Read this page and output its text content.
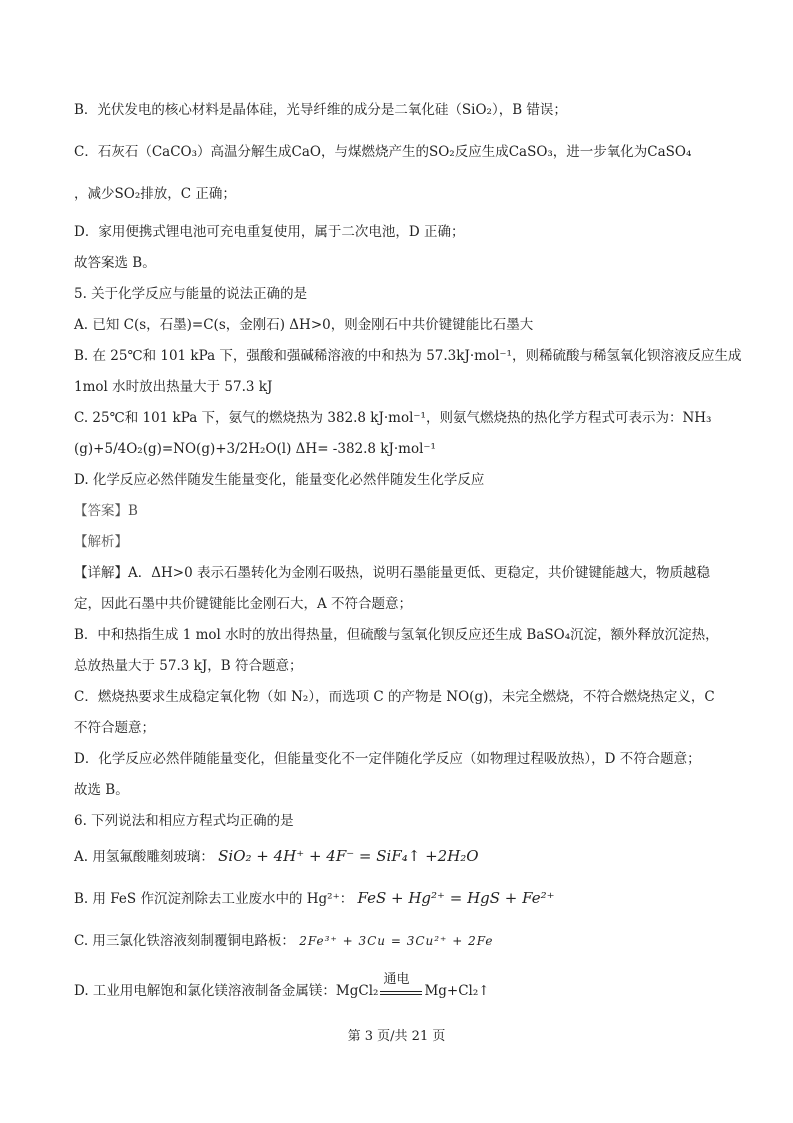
B．光伏发电的核心材料是晶体硅，光导纤维的成分是二氧化硅（SiO₂），B 错误；
C．石灰石（CaCO₃）高温分解生成CaO，与煤燃烧产生的SO₂反应生成CaSO₃，进一步氧化为CaSO₄
，减少SO₂排放，C 正确；
D．家用便携式锂电池可充电重复使用，属于二次电池，D 正确；
故答案选 B。
5. 关于化学反应与能量的说法正确的是
A. 已知 C(s，石墨)=C(s，金刚石) ΔH>0，则金刚石中共价键键能比石墨大
B. 在 25℃和 101 kPa 下，强酸和强碱稀溶液的中和热为 57.3kJ·mol⁻¹，则稀硫酸与稀氢氧化钡溶液反应生成
1mol 水时放出热量大于 57.3 kJ
C. 25℃和 101 kPa 下，氨气的燃烧热为 382.8 kJ·mol⁻¹，则氨气燃烧热的热化学方程式可表示为：NH₃
(g)+5/4O₂(g)=NO(g)+3/2H₂O(l) ΔH= -382.8 kJ·mol⁻¹
D. 化学反应必然伴随发生能量变化，能量变化必然伴随发生化学反应
【答案】B
【解析】
【详解】A．ΔH>0 表示石墨转化为金刚石吸热，说明石墨能量更低、更稳定，共价键键能越大，物质越稳
定，因此石墨中共价键键能比金刚石大，A 不符合题意；
B．中和热指生成 1 mol 水时的放出得热量，但硫酸与氢氧化钡反应还生成 BaSO₄沉淀，额外释放沉淀热，
总放热量大于 57.3 kJ，B 符合题意；
C．燃烧热要求生成稳定氧化物（如 N₂），而选项 C 的产物是 NO(g)，未完全燃烧，不符合燃烧热定义，C
不符合题意；
D．化学反应必然伴随能量变化，但能量变化不一定伴随化学反应（如物理过程吸放热），D 不符合题意；
故选 B。
6. 下列说法和相应方程式均正确的是
A. 用氢氟酸雕刻玻璃： SiO₂ + 4H⁺ + 4F⁻ = SiF₄↑ +2H₂O
B. 用 FeS 作沉淀剂除去工业废水中的 Hg²⁺： FeS + Hg²⁺ = HgS + Fe²⁺
C. 用三氯化铁溶液刻制覆铜电路板： 2Fe³⁺ + 3Cu = 3Cu²⁺ + 2Fe
D. 工业用电解饱和氯化镁溶液制备金属镁：MgCl₂
通电
Mg+Cl₂↑
第 3 页/共 21 页
